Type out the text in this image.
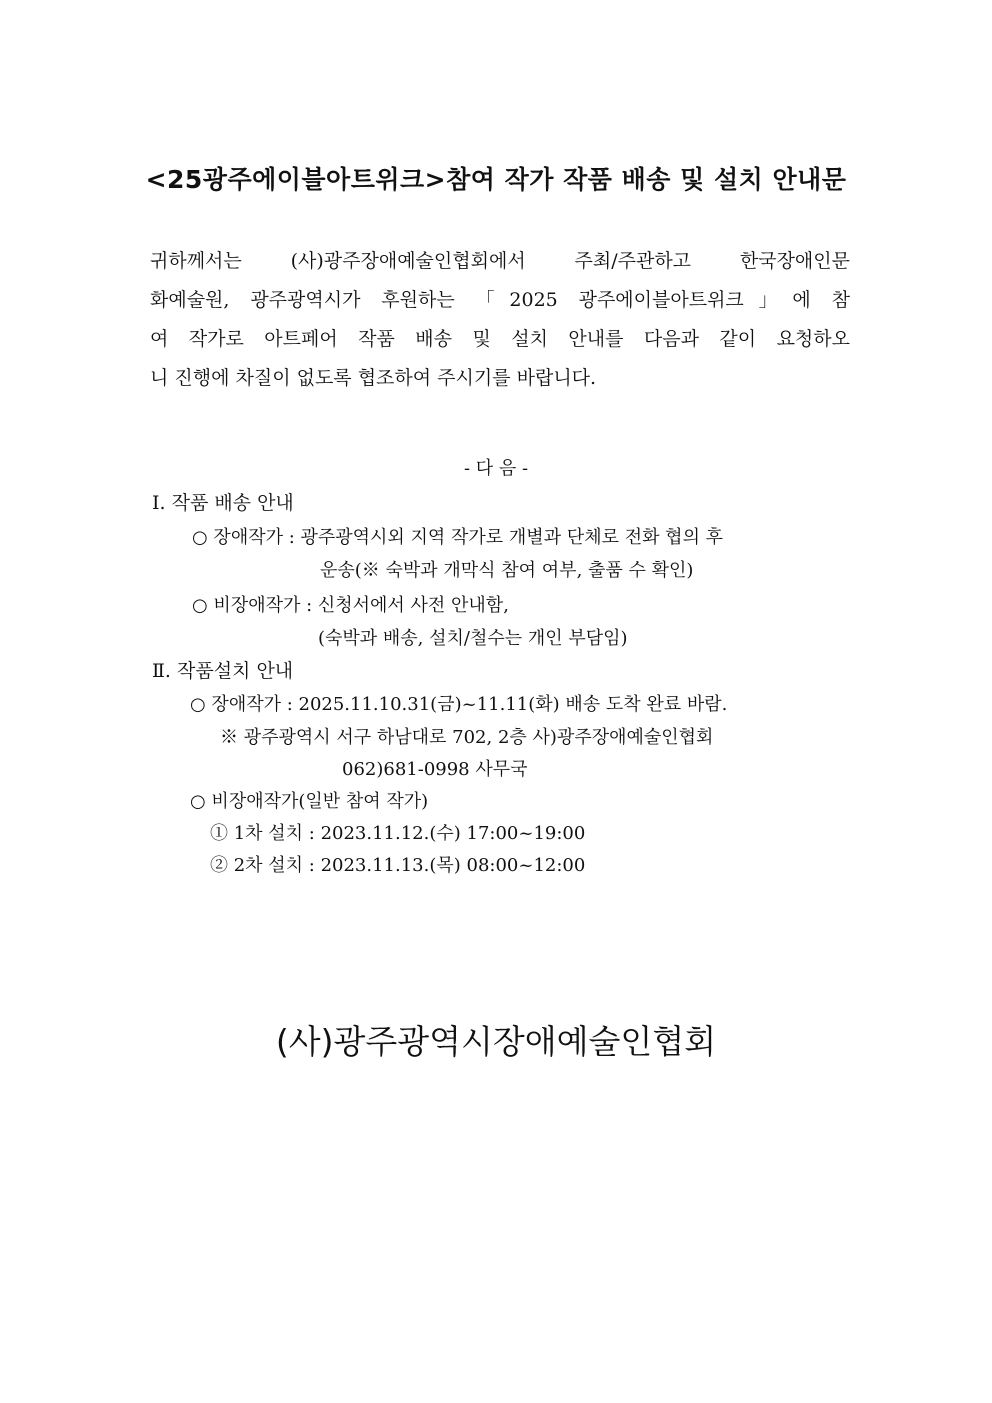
<25광주에이블아트위크>참여 작가 작품 배송 및 설치 안내문
귀하께서는 (사)광주장애예술인협회에서 주최/주관하고 한국장애인문
화예술원, 광주광역시가 후원하는 「2025 광주에이블아트위크」에 참
여 작가로 아트페어 작품 배송 및 설치 안내를 다음과 같이 요청하오
니 진행에 차질이 없도록 협조하여 주시기를 바랍니다.
- 다 음 -
Ⅰ. 작품 배송 안내
○ 장애작가 : 광주광역시외 지역 작가로 개별과 단체로 전화 협의 후
운송(※ 숙박과 개막식 참여 여부, 출품 수 확인)
○ 비장애작가 : 신청서에서 사전 안내함,
(숙박과 배송, 설치/철수는 개인 부담임)
Ⅱ. 작품설치 안내
○ 장애작가 : 2025.11.10.31(금)~11.11(화) 배송 도착 완료 바람.
※ 광주광역시 서구 하남대로 702, 2층 사)광주장애예술인협회
062)681-0998 사무국
○ 비장애작가(일반 참여 작가)
① 1차 설치 : 2023.11.12.(수) 17:00~19:00
② 2차 설치 : 2023.11.13.(목) 08:00~12:00
(사)광주광역시장애예술인협회
